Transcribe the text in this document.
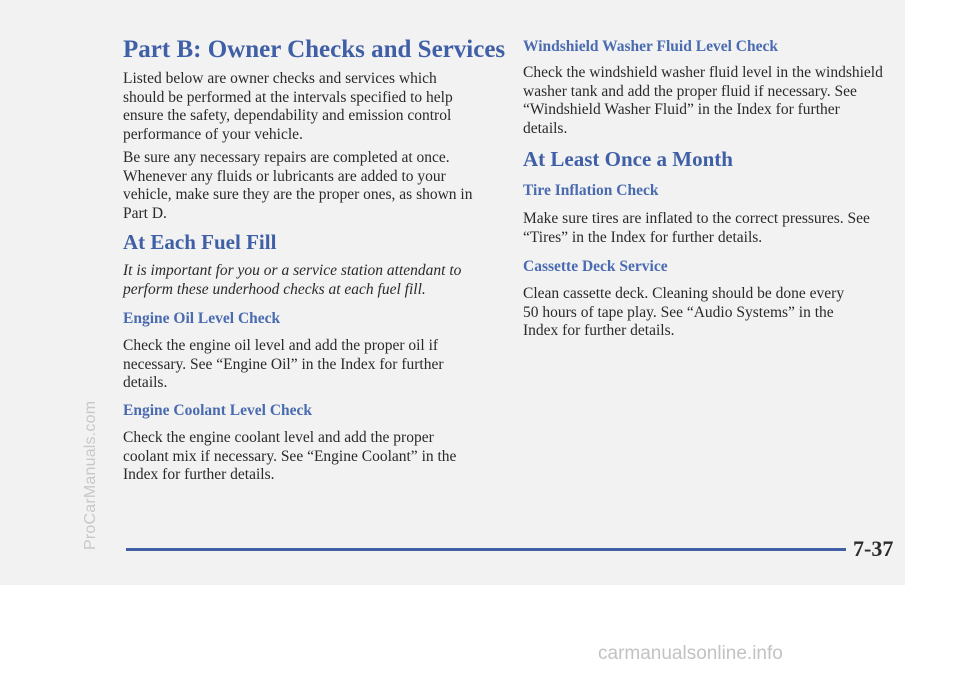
ProCarManuals.com
Part B: Owner Checks and Services

Listed below are owner checks and services which should be performed at the intervals specified to help ensure the safety, dependability and emission control performance of your vehicle.

Be sure any necessary repairs are completed at once. Whenever any fluids or lubricants are added to your vehicle, make sure they are the proper ones, as shown in Part D.

At Each Fuel Fill

It is important for you or a service station attendant to perform these underhood checks at each fuel fill.

Engine Oil Level Check

Check the engine oil level and add the proper oil if necessary. See “Engine Oil” in the Index for further details.

Engine Coolant Level Check

Check the engine coolant level and add the proper coolant mix if necessary. See “Engine Coolant” in the Index for further details.

Windshield Washer Fluid Level Check

Check the windshield washer fluid level in the windshield washer tank and add the proper fluid if necessary. See “Windshield Washer Fluid” in the Index for further details.

At Least Once a Month
Tire Inflation Check

Make sure tires are inflated to the correct pressures. See “Tires” in the Index for further details.

Cassette Deck Service

Clean cassette deck. Cleaning should be done every 50 hours of tape play. See “Audio Systems” in the Index for further details.

7-37
carmanualsonline.info
